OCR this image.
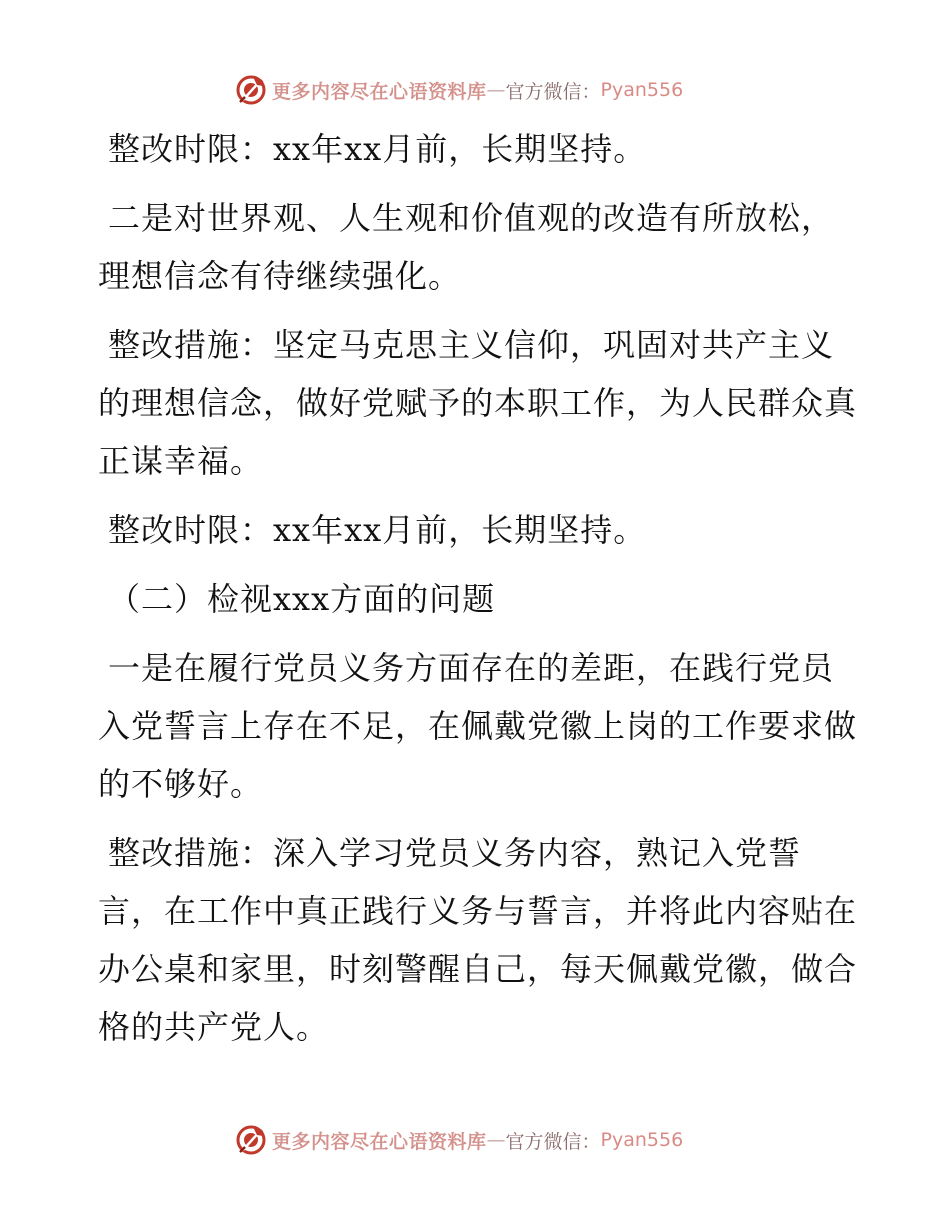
更多内容尽在心语资料库 — 官方微信 ： Pyan556

整改时限：xx年xx月前，长期坚持。

二是对世界观、人生观和价值观的改造有所放松，理想信念有待继续强化。

整改措施：坚定马克思主义信仰，巩固对共产主义的理想信念，做好党赋予的本职工作，为人民群众真正谋幸福。

整改时限：xx年xx月前，长期坚持。

（二）检视xxx方面的问题

一是在履行党员义务方面存在的差距，在践行党员入党誓言上存在不足，在佩戴党徽上岗的工作要求做的不够好。

整改措施：深入学习党员义务内容，熟记入党誓言，在工作中真正践行义务与誓言，并将此内容贴在办公桌和家里，时刻警醒自己，每天佩戴党徽，做合格的共产党人。

更多内容尽在心语资料库 — 官方微信 ： Pyan556
